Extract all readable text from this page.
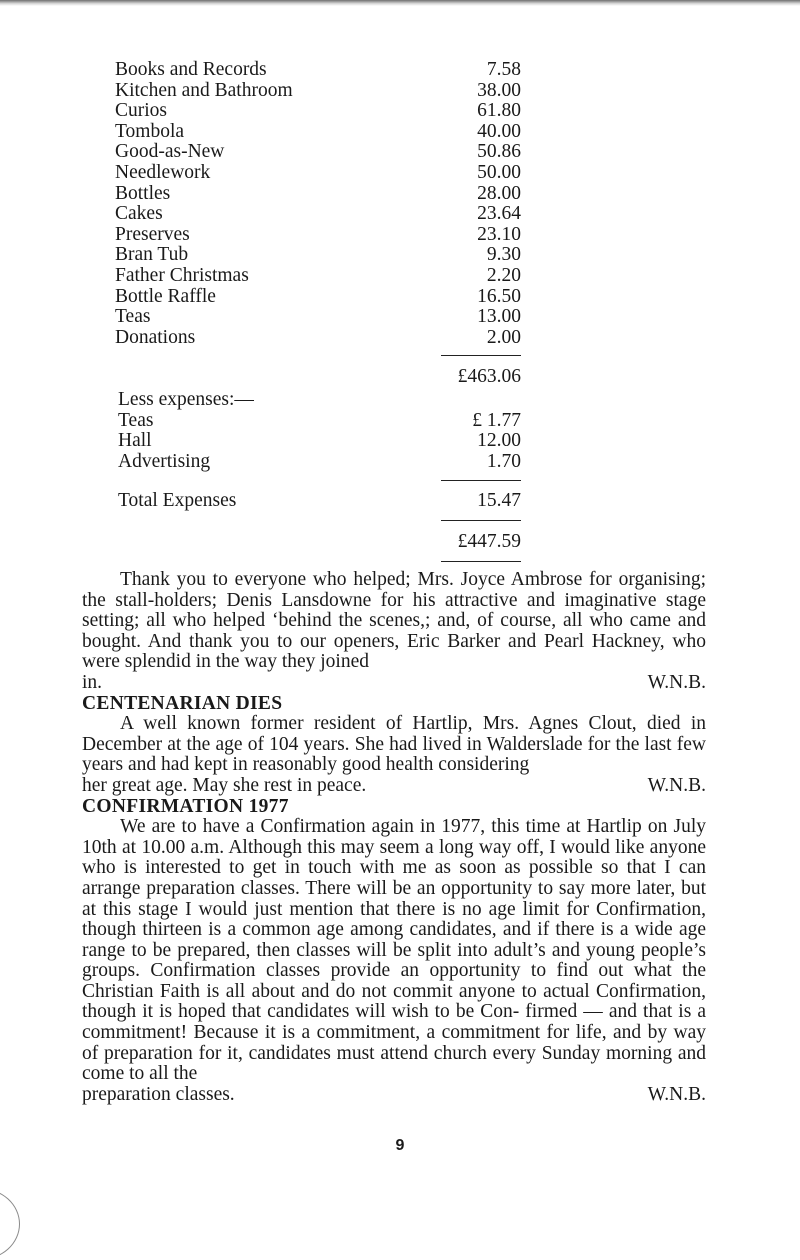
Books and Records	7.58
Kitchen and Bathroom	38.00
Curios	61.80
Tombola	40.00
Good-as-New	50.86
Needlework	50.00
Bottles	28.00
Cakes	23.64
Preserves	23.10
Bran Tub	9.30
Father Christmas	2.20
Bottle Raffle	16.50
Teas	13.00
Donations	2.00
£463.06
Less expenses:—
Teas	£ 1.77
Hall	12.00
Advertising	1.70
Total Expenses	15.47
£447.59

Thank you to everyone who helped; Mrs. Joyce Ambrose for organising; the stall-holders; Denis Lansdowne for his attractive and imaginative stage setting; all who helped ‘behind the scenes,; and, of course, all who came and bought. And thank you to our openers, Eric Barker and Pearl Hackney, who were splendid in the way they joined

in.	W.N.B.
CENTENARIAN DIES

A well known former resident of Hartlip, Mrs. Agnes Clout, died in December at the age of 104 years. She had lived in Walderslade for the last few years and had kept in reasonably good health considering

her great age. May she rest in peace.	W.N.B.
CONFIRMATION 1977

We are to have a Confirmation again in 1977, this time at Hartlip on July 10th at 10.00 a.m. Although this may seem a long way off, I would like anyone who is interested to get in touch with me as soon as possible so that I can arrange preparation classes. There will be an opportunity to say more later, but at this stage I would just mention that there is no age limit for Confirmation, though thirteen is a common age among candidates, and if there is a wide age range to be prepared, then classes will be split into adult’s and young people’s groups. Confirmation classes provide an opportunity to find out what the Christian Faith is all about and do not commit anyone to actual Confirmation, though it is hoped that candidates will wish to be Con- firmed — and that is a commitment! Because it is a commitment, a commitment for life, and by way of preparation for it, candidates must attend church every Sunday morning and come to all the

preparation classes.	W.N.B.
9
